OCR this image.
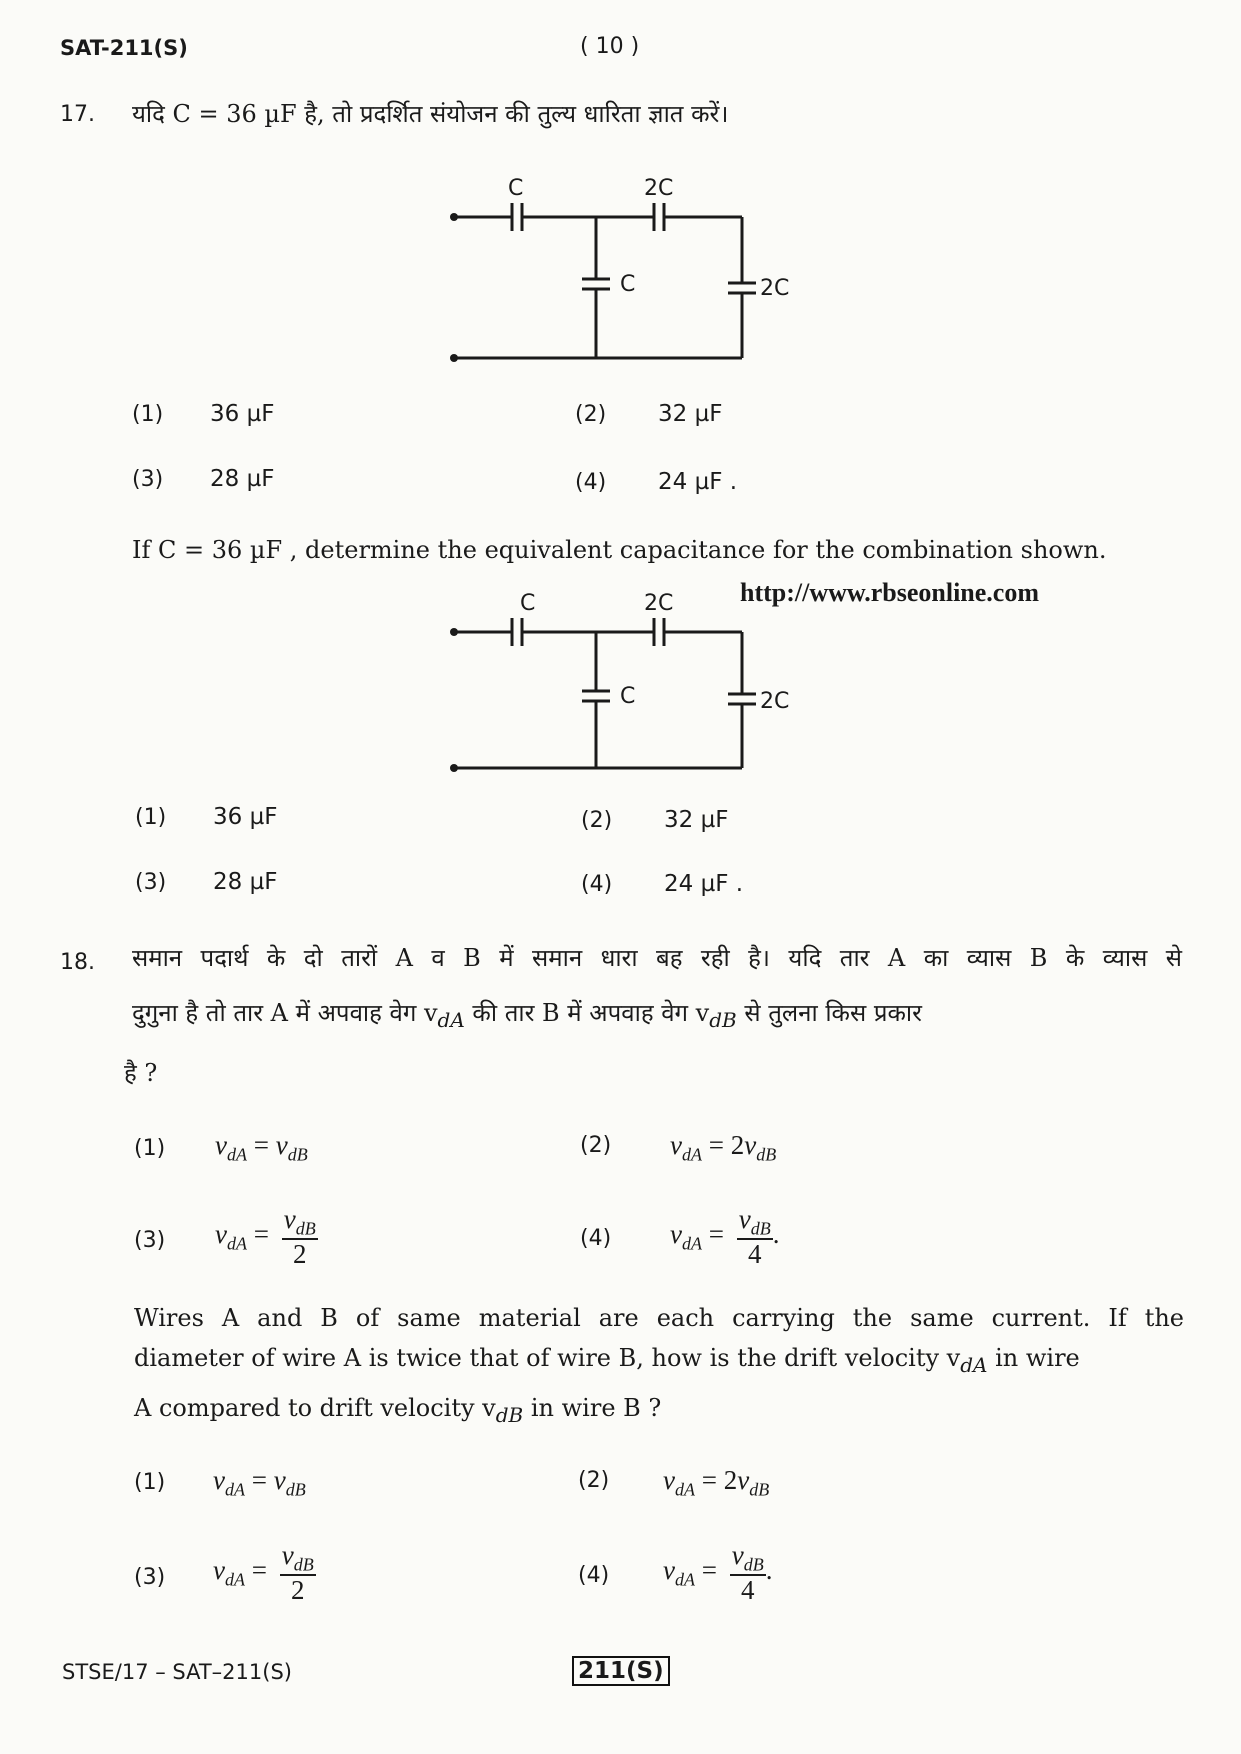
SAT-211(S)	( 10 )
17. यदि C = 36 µF है, तो प्रदर्शित संयोजन की तुल्य धारिता ज्ञात करें।
C	2C
C	2C
(1) 36 µF	(2) 32 µF
(3) 28 µF	(4) 24 µF .
If C = 36 µF , determine the equivalent capacitance for the combination shown.
http://www.rbseonline.com
C	2C
C	2C
(1) 36 µF	(2) 32 µF
(3) 28 µF	(4) 24 µF .
18. समान पदार्थ के दो तारों A व B में समान धारा बह रही है। यदि तार A का व्यास B के व्यास से
दुगुना है तो तार A में अपवाह वेग $v_{dA}$ की तार B में अपवाह वेग $v_{dB}$ से तुलना किस प्रकार
है ?
(1) $v_{dA} = v_{dB}$	(2) $v_{dA} = 2v_{dB}$
(3) $v_{dA} = \frac{v_{dB}}{2}$	(4) $v_{dA} = \frac{v_{dB}}{4}$ .
Wires A and B of same material are each carrying the same current. If the
diameter of wire A is twice that of wire B, how is the drift velocity $v_{dA}$ in wire
A compared to drift velocity $v_{dB}$ in wire B ?
(1) $v_{dA} = v_{dB}$	(2) $v_{dA} = 2v_{dB}$
(3) $v_{dA} = \frac{v_{dB}}{2}$	(4) $v_{dA} = \frac{v_{dB}}{4}$ .
STSE/17 – SAT–211(S)	211(S)
